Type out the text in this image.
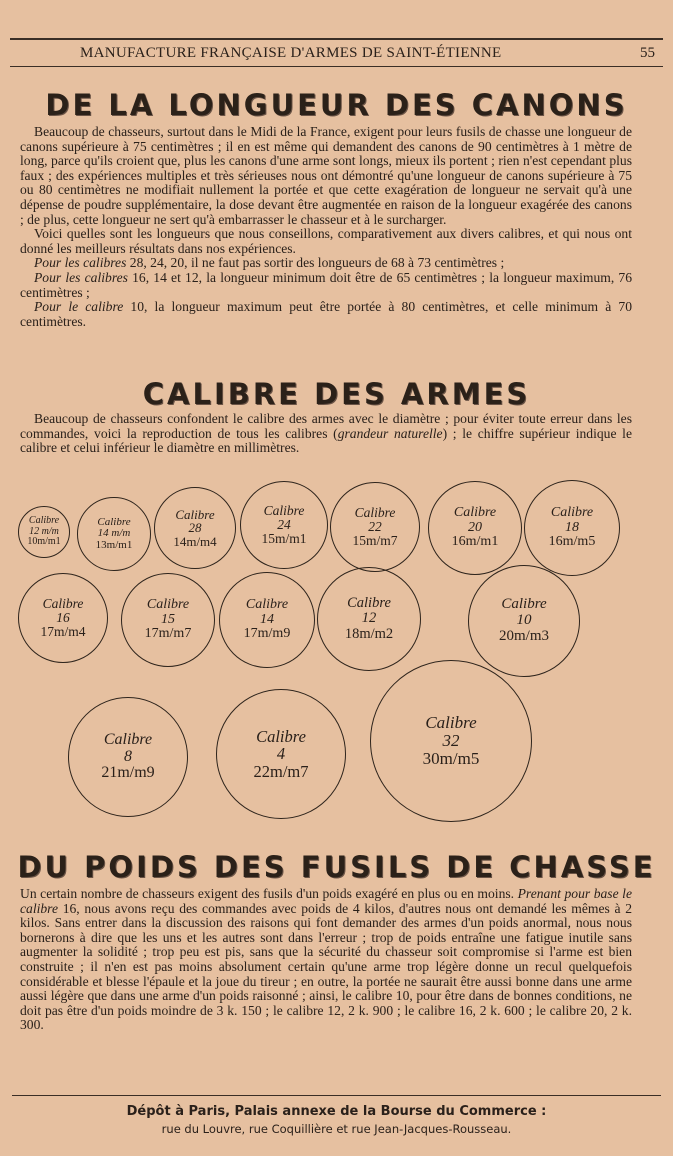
MANUFACTURE FRANÇAISE D'ARMES DE SAINT-ÉTIENNE	55
DE LA LONGUEUR DES CANONS

Beaucoup de chasseurs, surtout dans le Midi de la France, exigent pour leurs fusils de chasse une longueur de canons supérieure à 75 centimètres ; il en est même qui demandent des canons de 90 centimètres à 1 mètre de long, parce qu'ils croient que, plus les canons d'une arme sont longs, mieux ils portent ; rien n'est cependant plus faux ; des expériences multiples et très sérieuses nous ont démontré qu'une longueur de canons supérieure à 75 ou 80 centimètres ne modifiait nullement la portée et que cette exagération de longueur ne servait qu'à une dépense de poudre supplémentaire, la dose devant être augmentée en raison de la longueur exagérée des canons ; de plus, cette longueur ne sert qu'à embarrasser le chasseur et à le surcharger.

Voici quelles sont les longueurs que nous conseillons, comparativement aux divers calibres, et qui nous ont donné les meilleurs résultats dans nos expériences.

Pour les calibres 28, 24, 20, il ne faut pas sortir des longueurs de 68 à 73 centimètres ;

Pour les calibres 16, 14 et 12, la longueur minimum doit être de 65 centimètres ; la longueur maximum, 76 centimètres ;

Pour le calibre 10, la longueur maximum peut être portée à 80 centimètres, et celle minimum à 70 centimètres.

CALIBRE DES ARMES

Beaucoup de chasseurs confondent le calibre des armes avec le diamètre ; pour éviter toute erreur dans les commandes, voici la reproduction de tous les calibres (grandeur naturelle) ; le chiffre supérieur indique le calibre et celui inférieur le diamètre en millimètres.

Calibre
12 m/m
10m/m1
Calibre
14 m/m
13m/m1
Calibre
28
14m/m4
Calibre
24
15m/m1
Calibre
22
15m/m7
Calibre
20
16m/m1
Calibre
18
16m/m5
Calibre
16
17m/m4
Calibre
15
17m/m7
Calibre
14
17m/m9
Calibre
12
18m/m2
Calibre
10
20m/m3
Calibre
8
21m/m9
Calibre
4
22m/m7
Calibre
32
30m/m5
DU POIDS DES FUSILS DE CHASSE

Un certain nombre de chasseurs exigent des fusils d'un poids exagéré en plus ou en moins. Prenant pour base le calibre 16, nous avons reçu des commandes avec poids de 4 kilos, d'autres nous ont demandé les mêmes à 2 kilos. Sans entrer dans la discussion des raisons qui font demander des armes d'un poids anormal, nous nous bornerons à dire que les uns et les autres sont dans l'erreur ; trop de poids entraîne une fatigue inutile sans augmenter la solidité ; trop peu est pis, sans que la sécurité du chasseur soit compromise si l'arme est bien construite ; il n'en est pas moins absolument certain qu'une arme trop légère donne un recul quelquefois considérable et blesse l'épaule et la joue du tireur ; en outre, la portée ne saurait être aussi bonne dans une arme aussi légère que dans une arme d'un poids raisonné ; ainsi, le calibre 10, pour être dans de bonnes conditions, ne doit pas être d'un poids moindre de 3 k. 150 ; le calibre 12, 2 k. 900 ; le calibre 16, 2 k. 600 ; le calibre 20, 2 k. 300.

Dépôt à Paris, Palais annexe de la Bourse du Commerce :
rue du Louvre, rue Coquillière et rue Jean-Jacques-Rousseau.
